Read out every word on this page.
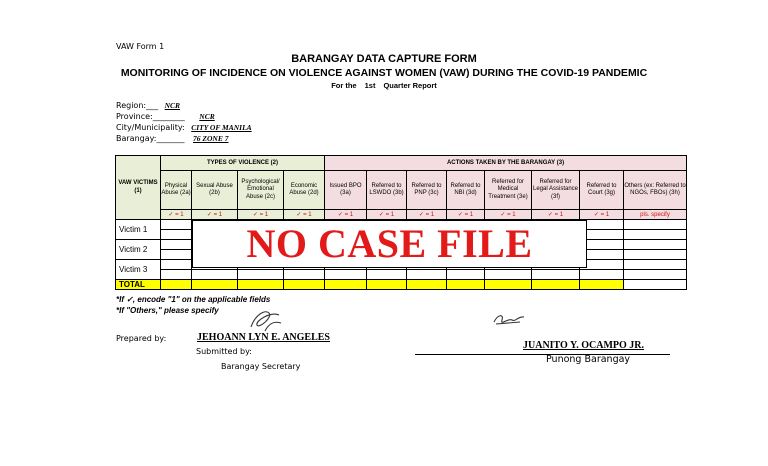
VAW Form 1
BARANGAY DATA CAPTURE FORM
MONITORING OF INCIDENCE ON VIOLENCE AGAINST WOMEN (VAW) DURING THE COVID-19 PANDEMIC
For the 1st Quarter Report
Region:___ NCR
Province:________ NCR
City/Municipality: CITY OF MANILA
Barangay:_______ 76 ZONE 7
VAW VICTIMS (1)	TYPES OF VIOLENCE (2)				ACTIONS TAKEN BY THE BARANGAY (3)							
	Physical Abuse (2a)	Sexual Abuse (2b)	Psychological/ Emotional Abuse (2c)	Economic Abuse (2d)	Issued BPO (3a)	Referred to LSWDO (3b)	Referred to PNP (3c)	Referred to NBI (3d)	Referred for Medical Treatment (3e)	Referred for Legal Assistance (3f)	Referred to Court (3g)	Others (ex: Referred to NGOs, FBOs) (3h)
	✓ = 1	✓ = 1	✓ = 1	✓ = 1	✓ = 1	✓ = 1	✓ = 1	✓ = 1	✓ = 1	✓ = 1	✓ = 1	pls. specify
Victim 1												

Victim 2												

Victim 3												

TOTAL												
NO CASE FILE
*If ✓, encode "1" on the applicable fields
*If "Others," please specify
Prepared by:	JEHOANN LYN E. ANGELES
Submitted by:
Barangay Secretary
JUANITO Y. OCAMPO JR.
Punong Barangay
